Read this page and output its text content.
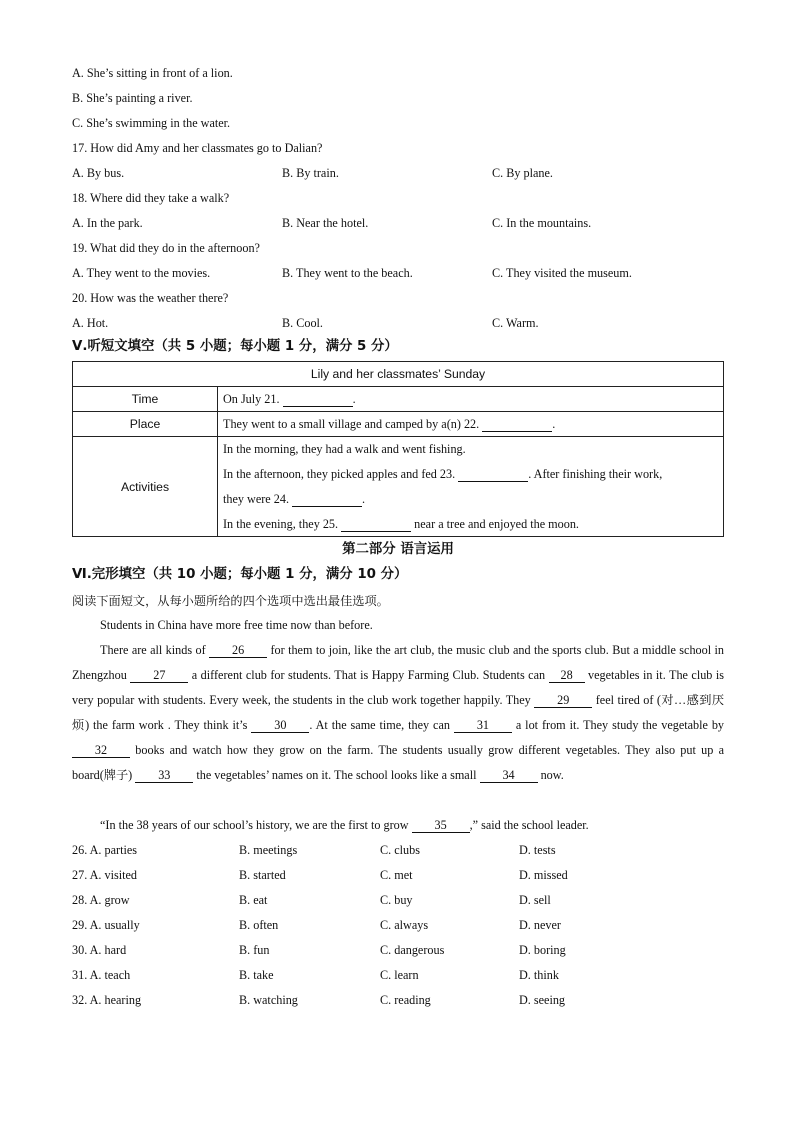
A. She’s sitting in front of a lion.
B. She’s painting a river.
C. She’s swimming in the water.
17. How did Amy and her classmates go to Dalian?
A. By bus.	B. By train.	C. By plane.
18. Where did they take a walk?
A. In the park.	B. Near the hotel.	C. In the mountains.
19. What did they do in the afternoon?
A. They went to the movies.	B. They went to the beach.	C. They visited the museum.
20. How was the weather there?
A. Hot.	B. Cool.	C. Warm.
Ⅴ.听短文填空（共 5 小题；每小题 1 分，满分 5 分）
Lily and her classmates’ Sunday
Time	On July 21.	.
Place	They went to a small village and camped by a(n) 22.	.
Activities
In the morning, they had a walk and went fishing.
In the afternoon, they picked apples and fed 23.	. After finishing their work,
they were 24.	.
In the evening, they 25.	near a tree and enjoyed the moon.
第二部分 语言运用
Ⅵ.完形填空（共 10 小题；每小题 1 分，满分 10 分）
阅读下面短文，从每小题所给的四个选项中选出最佳选项。
Students in China have more free time now than before.
There are all kinds of 26 for them to join, like the art club, the music club and the sports club. But a middle school in Zhengzhou 27 a different club for students. That is Happy Farming Club. Students can 28 vegetables in it. The club is very popular with students. Every week, the students in the club work together happily. They 29 feel tired of (对…感到厌烦) the farm work . They think it’s 30 . At the same time, they can 31 a lot from it. They study the vegetable by 32 books and watch how they grow on the farm. The students usually grow different vegetables. They also put up a board(牌子) 33 the vegetables’ names on it. The school looks like a small 34 now.
“In the 38 years of our school’s history, we are the first to grow 35 ,” said the school leader.
26. A. parties	B. meetings	C. clubs	D. tests
27. A. visited	B. started	C. met	D. missed
28. A. grow	B. eat	C. buy	D. sell
29. A. usually	B. often	C. always	D. never
30. A. hard	B. fun	C. dangerous	D. boring
31. A. teach	B. take	C. learn	D. think
32. A. hearing	B. watching	C. reading	D. seeing
